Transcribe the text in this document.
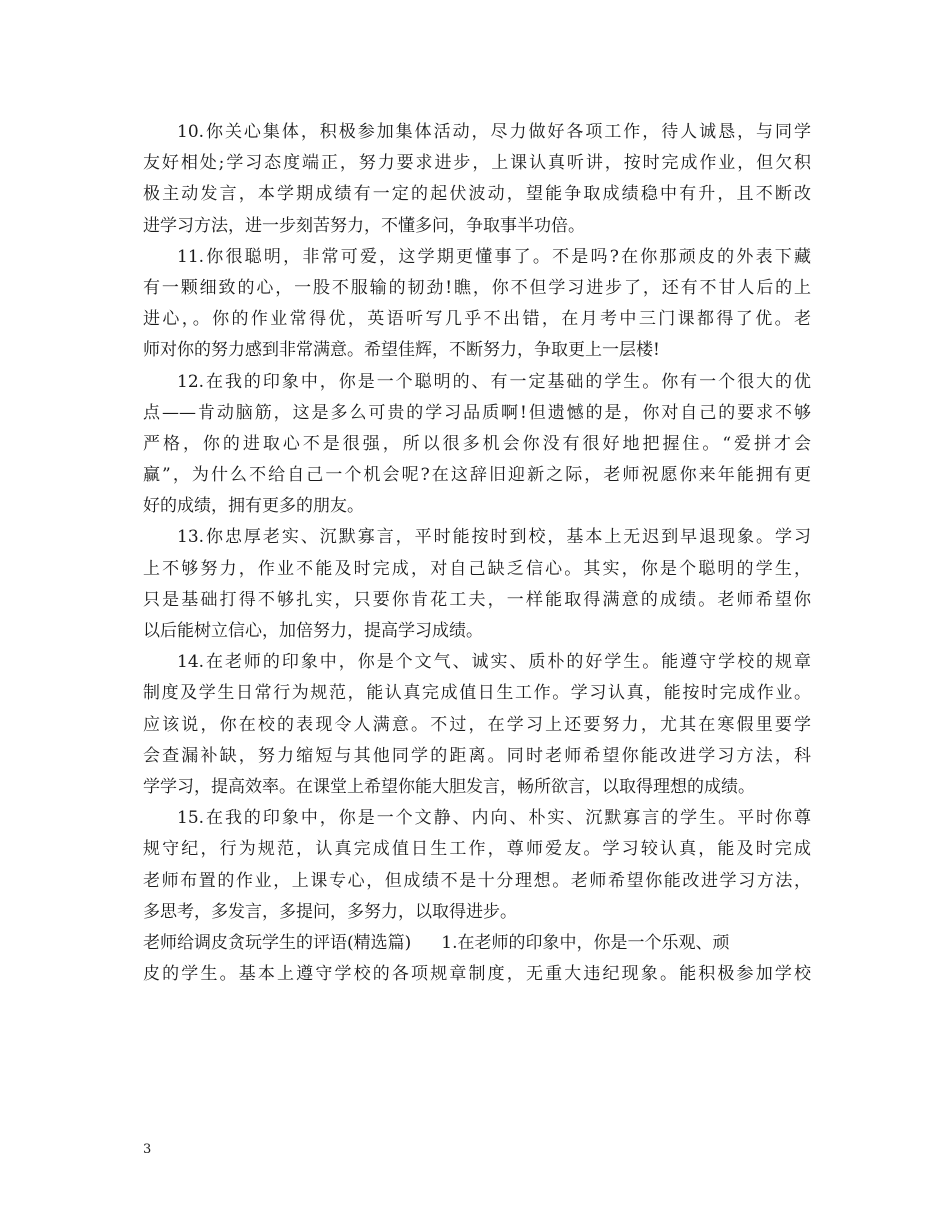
10.你关心集体，积极参加集体活动，尽力做好各项工作，待人诚恳，与同学
友好相处;学习态度端正，努力要求进步，上课认真听讲，按时完成作业，但欠积
极主动发言，本学期成绩有一定的起伏波动，望能争取成绩稳中有升，且不断改
进学习方法，进一步刻苦努力，不懂多问，争取事半功倍。
11.你很聪明，非常可爱，这学期更懂事了。不是吗?在你那顽皮的外表下藏
有一颗细致的心，一股不服输的韧劲!瞧，你不但学习进步了，还有不甘人后的上
进心，。你的作业常得优，英语听写几乎不出错，在月考中三门课都得了优。老
师对你的努力感到非常满意。希望佳辉，不断努力，争取更上一层楼!
12.在我的印象中，你是一个聪明的、有一定基础的学生。你有一个很大的优
点——肯动脑筋，这是多么可贵的学习品质啊!但遗憾的是，你对自己的要求不够
严格，你的进取心不是很强，所以很多机会你没有很好地把握住。“爱拼才会
赢”，为什么不给自己一个机会呢?在这辞旧迎新之际，老师祝愿你来年能拥有更
好的成绩，拥有更多的朋友。
13.你忠厚老实、沉默寡言，平时能按时到校，基本上无迟到早退现象。学习
上不够努力，作业不能及时完成，对自己缺乏信心。其实，你是个聪明的学生，
只是基础打得不够扎实，只要你肯花工夫，一样能取得满意的成绩。老师希望你
以后能树立信心，加倍努力，提高学习成绩。
14.在老师的印象中，你是个文气、诚实、质朴的好学生。能遵守学校的规章
制度及学生日常行为规范，能认真完成值日生工作。学习认真，能按时完成作业。
应该说，你在校的表现令人满意。不过，在学习上还要努力，尤其在寒假里要学
会查漏补缺，努力缩短与其他同学的距离。同时老师希望你能改进学习方法，科
学学习，提高效率。在课堂上希望你能大胆发言，畅所欲言，以取得理想的成绩。
15.在我的印象中，你是一个文静、内向、朴实、沉默寡言的学生。平时你尊
规守纪，行为规范，认真完成值日生工作，尊师爱友。学习较认真，能及时完成
老师布置的作业，上课专心，但成绩不是十分理想。老师希望你能改进学习方法，
多思考，多发言，多提问，多努力，以取得进步。
老师给调皮贪玩学生的评语(精选篇) 1.在老师的印象中，你是一个乐观、顽
3
皮的学生。基本上遵守学校的各项规章制度，无重大违纪现象。能积极参加学校
